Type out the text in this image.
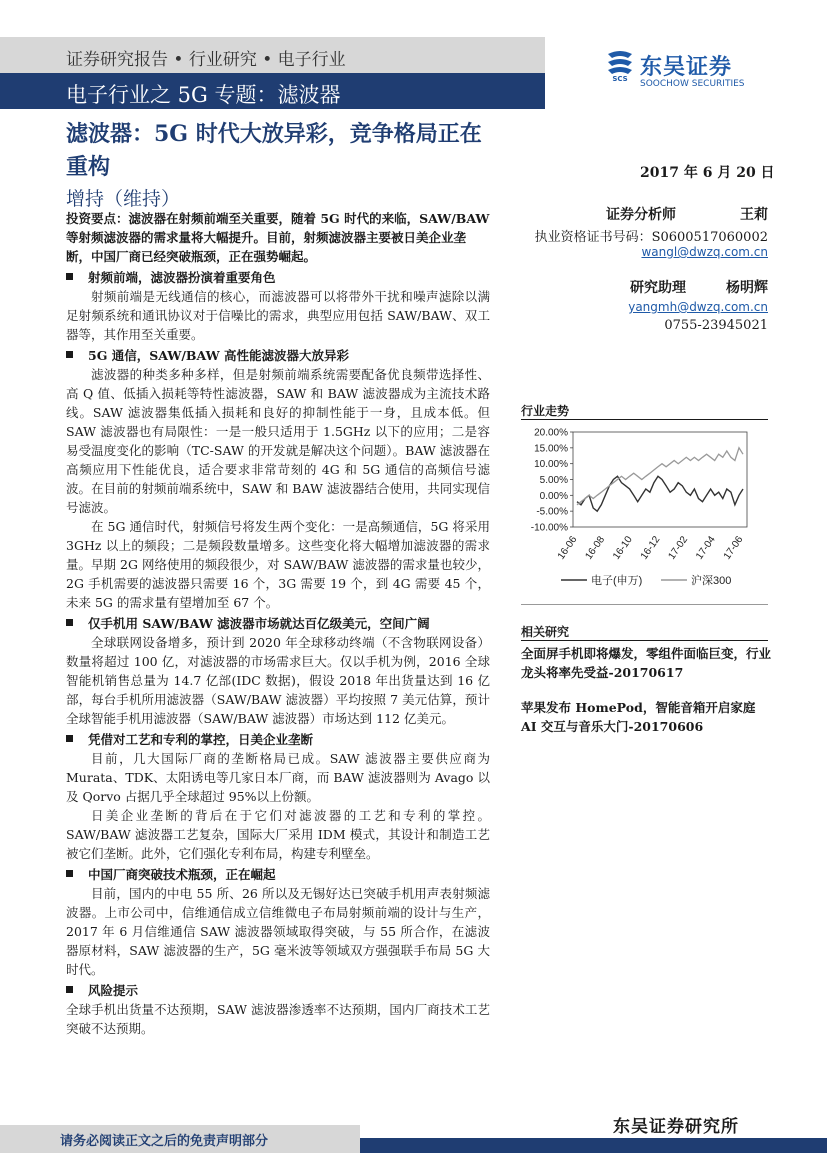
证券研究报告 • 行业研究 • 电子行业
电子行业之 5G 专题：滤波器
SCS 东吴证券
SOOCHOW SECURITIES
滤波器：5G 时代大放异彩，竞争格局正在重构
增持（维持）
2017 年 6 月 20 日
证券分析师	王莉
执业资格证书号码：S0600517060002
wangl@dwzq.com.cn
研究助理	杨明辉
yangmh@dwzq.com.cn
0755-23945021

投资要点：滤波器在射频前端至关重要，随着 5G 时代的来临，SAW/BAW 等射频滤波器的需求量将大幅提升。目前，射频滤波器主要被日美企业垄断，中国厂商已经突破瓶颈，正在强势崛起。

射频前端，滤波器扮演着重要角色

射频前端是无线通信的核心，而滤波器可以将带外干扰和噪声滤除以满足射频系统和通讯协议对于信噪比的需求，典型应用包括 SAW/BAW、双工器等，其作用至关重要。

5G 通信，SAW/BAW 高性能滤波器大放异彩

滤波器的种类多种多样，但是射频前端系统需要配备优良频带选择性、高 Q 值、低插入损耗等特性滤波器，SAW 和 BAW 滤波器成为主流技术路线。SAW 滤波器集低插入损耗和良好的抑制性能于一身，且成本低。但 SAW 滤波器也有局限性：一是一般只适用于 1.5GHz 以下的应用；二是容易受温度变化的影响（TC-SAW 的开发就是解决这个问题）。BAW 滤波器在高频应用下性能优良，适合要求非常苛刻的 4G 和 5G 通信的高频信号滤波。在目前的射频前端系统中，SAW 和 BAW 滤波器结合使用，共同实现信号滤波。

在 5G 通信时代，射频信号将发生两个变化：一是高频通信，5G 将采用 3GHz 以上的频段；二是频段数量增多。这些变化将大幅增加滤波器的需求量。早期 2G 网络使用的频段很少，对 SAW/BAW 滤波器的需求量也较少，2G 手机需要的滤波器只需要 16 个，3G 需要 19 个，到 4G 需要 45 个，未来 5G 的需求量有望增加至 67 个。

仅手机用 SAW/BAW 滤波器市场就达百亿级美元，空间广阔

全球联网设备增多，预计到 2020 年全球移动终端（不含物联网设备）数量将超过 100 亿，对滤波器的市场需求巨大。仅以手机为例，2016 全球智能机销售总量为 14.7 亿部(IDC 数据)，假设 2018 年出货量达到 16 亿部，每台手机所用滤波器（SAW/BAW 滤波器）平均按照 7 美元估算，预计全球智能手机用滤波器（SAW/BAW 滤波器）市场达到 112 亿美元。

凭借对工艺和专利的掌控，日美企业垄断

目前，几大国际厂商的垄断格局已成。SAW 滤波器主要供应商为 Murata、TDK、太阳诱电等几家日本厂商，而 BAW 滤波器则为 Avago 以及 Qorvo 占据几乎全球超过 95%以上份额。

日美企业垄断的背后在于它们对滤波器的工艺和专利的掌控。SAW/BAW 滤波器工艺复杂，国际大厂采用 IDM 模式，其设计和制造工艺被它们垄断。此外，它们强化专利布局，构建专利壁垒。

中国厂商突破技术瓶颈，正在崛起

目前，国内的中电 55 所、26 所以及无锡好达已突破手机用声表射频滤波器。上市公司中，信维通信成立信维微电子布局射频前端的设计与生产，2017 年 6 月信维通信 SAW 滤波器领域取得突破，与 55 所合作，在滤波器原材料，SAW 滤波器的生产，5G 毫米波等领域双方强强联手布局 5G 大时代。

风险提示

全球手机出货量不达预期，SAW 滤波器渗透率不达预期，国内厂商技术工艺突破不达预期。

行业走势
20.00%
15.00%
10.00%
5.00%
0.00%
-5.00%
-10.00%
16-06 16-08 16-10 16-12 17-02 17-04 17-06
电子(申万)	沪深300
相关研究

全面屏手机即将爆发，零组件面临巨变，行业龙头将率先受益-20170617

苹果发布 HomePod，智能音箱开启家庭 AI 交互与音乐大门-20170606

东吴证券研究所
请务必阅读正文之后的免责声明部分
